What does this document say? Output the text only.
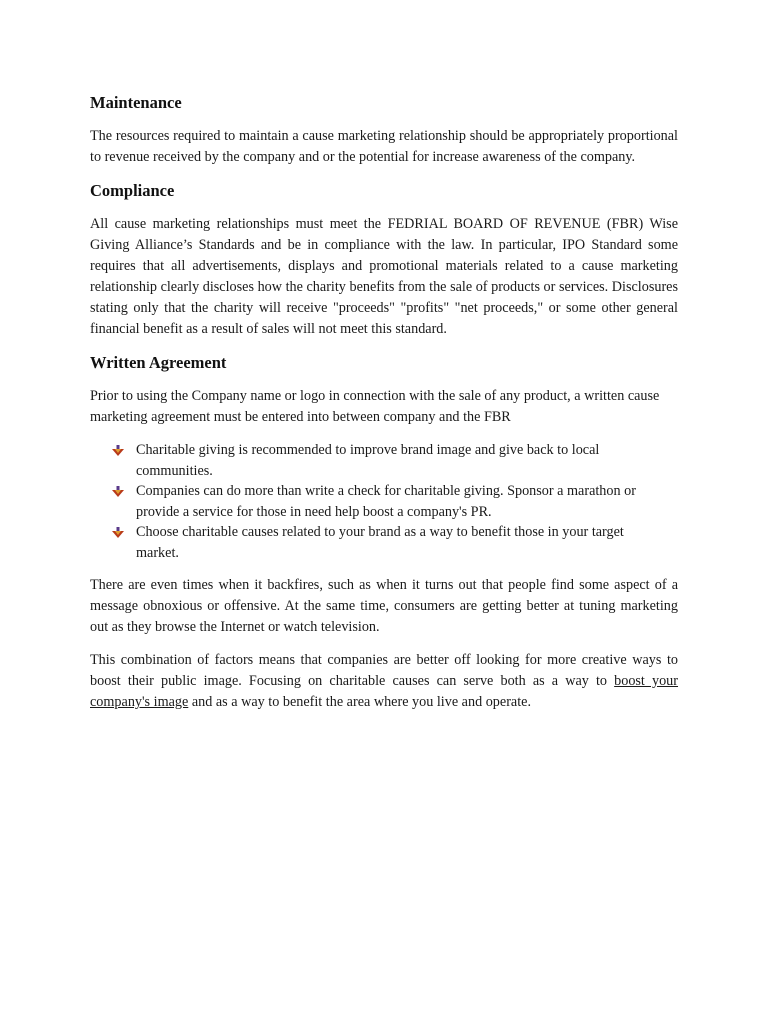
Maintenance

The resources required to maintain a cause marketing relationship should be appropriately proportional to revenue received by the company and or the potential for increase awareness of the company.

Compliance

All cause marketing relationships must meet the FEDRIAL BOARD OF REVENUE (FBR) Wise Giving Alliance’s Standards and be in compliance with the law. In particular, IPO Standard some requires that all advertisements, displays and promotional materials related to a cause marketing relationship clearly discloses how the charity benefits from the sale of products or services. Disclosures stating only that the charity will receive "proceeds" "profits" "net proceeds," or some other general financial benefit as a result of sales will not meet this standard.

Written Agreement

Prior to using the Company name or logo in connection with the sale of any product, a written cause marketing agreement must be entered into between company and the FBR

Charitable giving is recommended to improve brand image and give back to local communities.
Companies can do more than write a check for charitable giving. Sponsor a marathon or provide a service for those in need help boost a company's PR.
Choose charitable causes related to your brand as a way to benefit those in your target market.

There are even times when it backfires, such as when it turns out that people find some aspect of a message obnoxious or offensive. At the same time, consumers are getting better at tuning marketing out as they browse the Internet or watch television.

This combination of factors means that companies are better off looking for more creative ways to boost their public image. Focusing on charitable causes can serve both as a way to boost your company's image and as a way to benefit the area where you live and operate.
